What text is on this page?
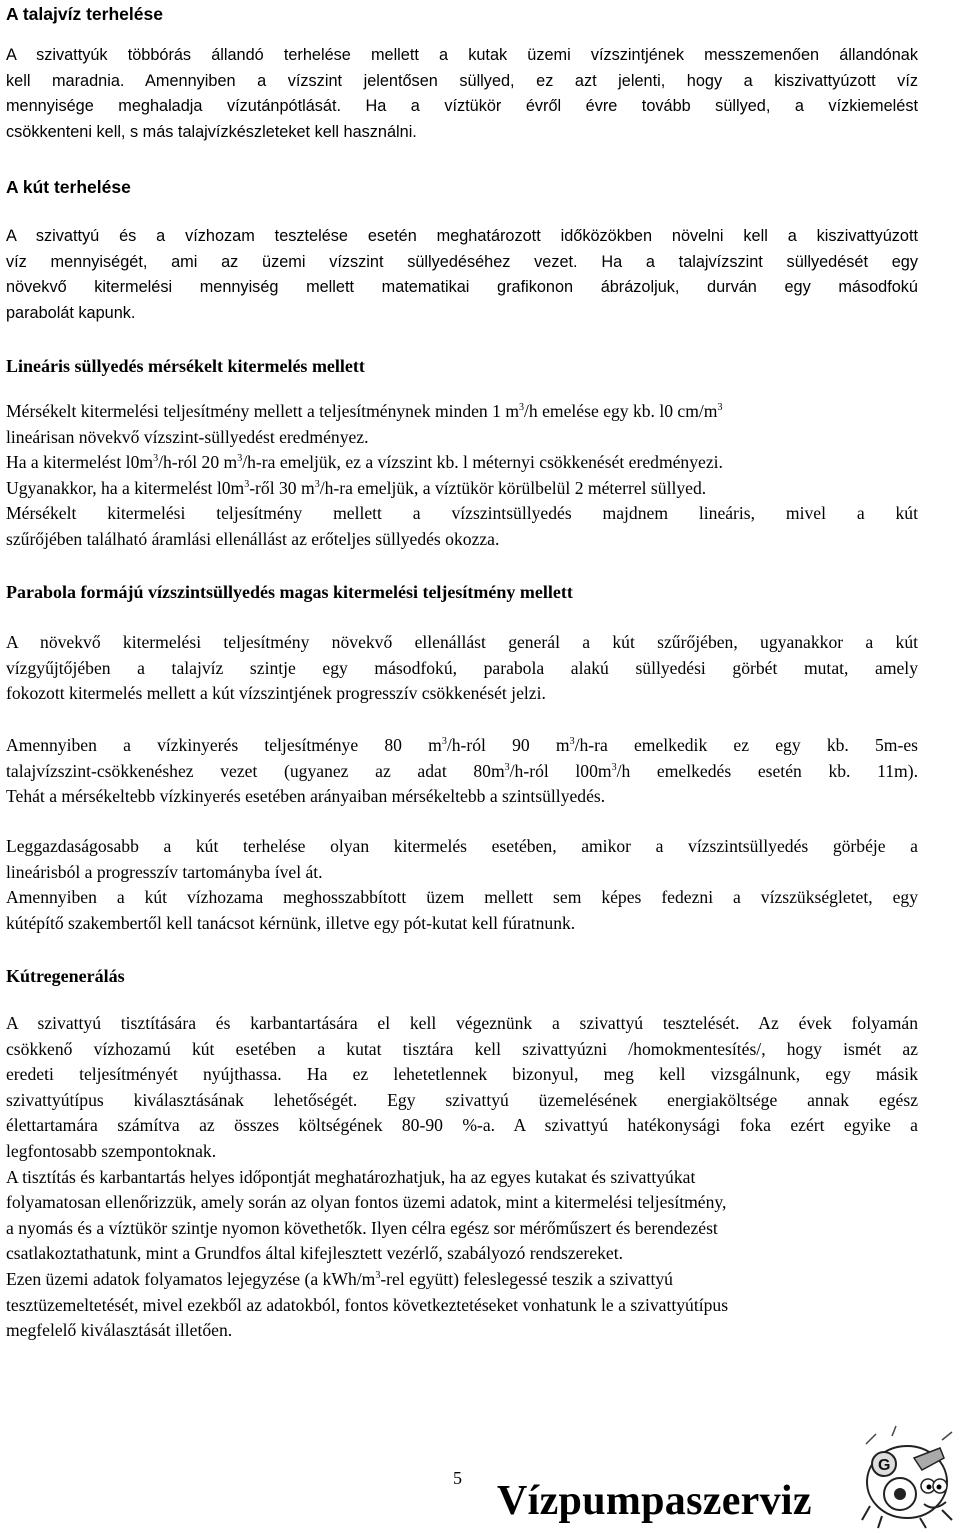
A talajvíz terhelése
A szivattyúk többórás állandó terhelése mellett a kutak üzemi vízszintjének messzemenően állandónak
kell maradnia. Amennyiben a vízszint jelentősen süllyed, ez azt jelenti, hogy a kiszivattyúzott víz
mennyisége meghaladja vízutánpótlását. Ha a víztükör évről évre tovább süllyed, a vízkiemelést
csökkenteni kell, s más talajvízkészleteket kell használni.
A kút terhelése
A szivattyú és a vízhozam tesztelése esetén meghatározott időközökben növelni kell a kiszivattyúzott
víz mennyiségét, ami az üzemi vízszint süllyedéséhez vezet. Ha a talajvízszint süllyedését egy
növekvő kitermelési mennyiség mellett matematikai grafikonon ábrázoljuk, durván egy másodfokú
parabolát kapunk.
Lineáris süllyedés mérsékelt kitermelés mellett
Mérsékelt kitermelési teljesítmény mellett a teljesítménynek minden 1 $m^3/h$ emelése egy kb. l0 $cm/m^3$
lineárisan növekvő vízszint-süllyedést eredményez.
Ha a kitermelést $l0m^3/h$-ról 20 $m^3/h-ra$ emeljük, ez a vízszint kb. l méternyi csökkenését eredményezi.
Ugyanakkor, ha a kitermelést $l0m^3$-ről 30 $m^3/h-ra$ emeljük, a víztükör körülbelül 2 méterrel süllyed.
Mérsékelt kitermelési teljesítmény mellett a vízszintsüllyedés majdnem lineáris, mivel a kút
szűrőjében található áramlási ellenállást az erőteljes süllyedés okozza.
Parabola formájú vízszintsüllyedés magas kitermelési teljesítmény mellett
A növekvő kitermelési teljesítmény növekvő ellenállást generál a kút szűrőjében, ugyanakkor a kút
vízgyűjtőjében a talajvíz szintje egy másodfokú, parabola alakú süllyedési görbét mutat, amely
fokozott kitermelés mellett a kút vízszintjének progresszív csökkenését jelzi.
Amennyiben a vízkinyerés teljesítménye 80 $m^3/h$-ról 90 $m^3/h-ra$ emelkedik ez egy kb. 5m-es
talajvízszint-csökkenéshez vezet (ugyanez az adat $80m^3/h$-ról $l00m^3/h$ emelkedés esetén kb. 11m).
Tehát a mérsékeltebb vízkinyerés esetében arányaiban mérsékeltebb a szintsüllyedés.
Leggazdaságosabb a kút terhelése olyan kitermelés esetében, amikor a vízszintsüllyedés görbéje a
lineárisból a progresszív tartományba ível át.
Amennyiben a kút vízhozama meghosszabbított üzem mellett sem képes fedezni a vízszükségletet, egy
kútépítő szakembertől kell tanácsot kérnünk, illetve egy pót-kutat kell fúratnunk.
Kútregenerálás
A szivattyú tisztítására és karbantartására el kell végeznünk a szivattyú tesztelését. Az évek folyamán
csökkenő vízhozamú kút esetében a kutat tisztára kell szivattyúzni /homokmentesítés/, hogy ismét az
eredeti teljesítményét nyújthassa. Ha ez lehetetlennek bizonyul, meg kell vizsgálnunk, egy másik
szivattyútípus kiválasztásának lehetőségét. Egy szivattyú üzemelésének energiaköltsége annak egész
élettartamára számítva az összes költségének 80-90 %-a. A szivattyú hatékonysági foka ezért egyike a
legfontosabb szempontoknak.
A tisztítás és karbantartás helyes időpontját meghatározhatjuk, ha az egyes kutakat és szivattyúkat
folyamatosan ellenőrizzük, amely során az olyan fontos üzemi adatok, mint a kitermelési teljesítmény,
a nyomás és a víztükör szintje nyomon követhetők. Ilyen célra egész sor mérőműszert és berendezést
csatlakoztathatunk, mint a Grundfos által kifejlesztett vezérlő, szabályozó rendszereket.
Ezen üzemi adatok folyamatos lejegyzése (a kWh/$m^3$-rel együtt) feleslegessé teszik a szivattyú
tesztüzemeltetését, mivel ezekből az adatokból, fontos következtetéseket vonhatunk le a szivattyútípus
megfelelő kiválasztását illetően.
5 Vízpumpaszerviz
G
